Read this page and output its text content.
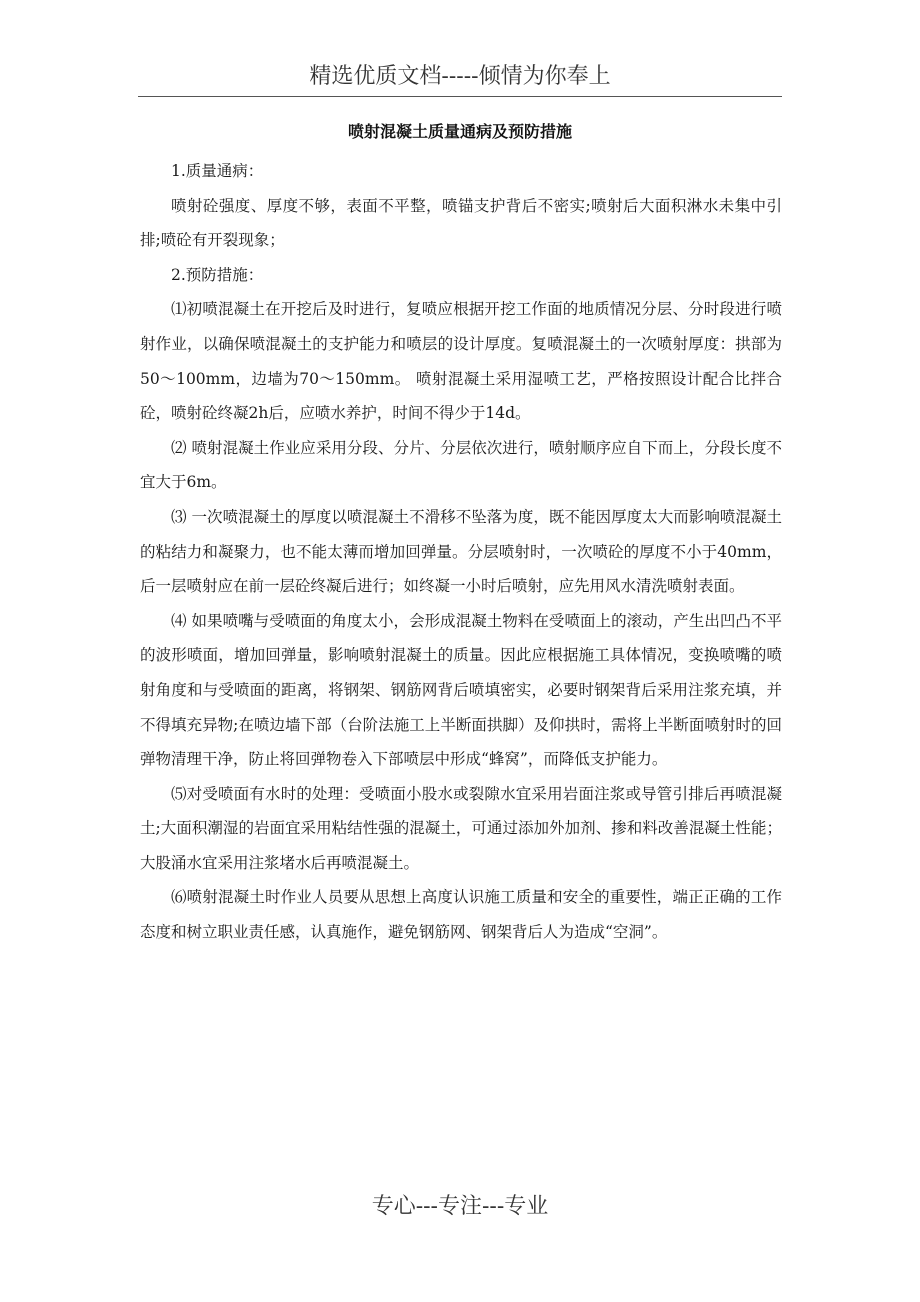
精选优质文档-----倾情为你奉上
喷射混凝土质量通病及预防措施

1.质量通病：

喷射砼强度、厚度不够，表面不平整，喷锚支护背后不密实;喷射后大面积淋水未集中引排;喷砼有开裂现象；

2.预防措施：

⑴初喷混凝土在开挖后及时进行，复喷应根据开挖工作面的地质情况分层、分时段进行喷射作业，以确保喷混凝土的支护能力和喷层的设计厚度。复喷混凝土的一次喷射厚度：拱部为50～100mm，边墙为70～150mm。 喷射混凝土采用湿喷工艺，严格按照设计配合比拌合砼，喷射砼终凝2h后，应喷水养护，时间不得少于14d。

⑵ 喷射混凝土作业应采用分段、分片、分层依次进行，喷射顺序应自下而上，分段长度不宜大于6m。

⑶ 一次喷混凝土的厚度以喷混凝土不滑移不坠落为度，既不能因厚度太大而影响喷混凝土的粘结力和凝聚力，也不能太薄而增加回弹量。分层喷射时，一次喷砼的厚度不小于40mm，后一层喷射应在前一层砼终凝后进行；如终凝一小时后喷射，应先用风水清洗喷射表面。

⑷ 如果喷嘴与受喷面的角度太小，会形成混凝土物料在受喷面上的滚动，产生出凹凸不平的波形喷面，增加回弹量，影响喷射混凝土的质量。因此应根据施工具体情况，变换喷嘴的喷射角度和与受喷面的距离，将钢架、钢筋网背后喷填密实，必要时钢架背后采用注浆充填，并不得填充异物;在喷边墙下部（台阶法施工上半断面拱脚）及仰拱时，需将上半断面喷射时的回弹物清理干净，防止将回弹物卷入下部喷层中形成“蜂窝”，而降低支护能力。

⑸对受喷面有水时的处理：受喷面小股水或裂隙水宜采用岩面注浆或导管引排后再喷混凝土;大面积潮湿的岩面宜采用粘结性强的混凝土，可通过添加外加剂、掺和料改善混凝土性能；大股涌水宜采用注浆堵水后再喷混凝土。

⑹喷射混凝土时作业人员要从思想上高度认识施工质量和安全的重要性，端正正确的工作态度和树立职业责任感，认真施作，避免钢筋网、钢架背后人为造成“空洞”。

专心---专注---专业
